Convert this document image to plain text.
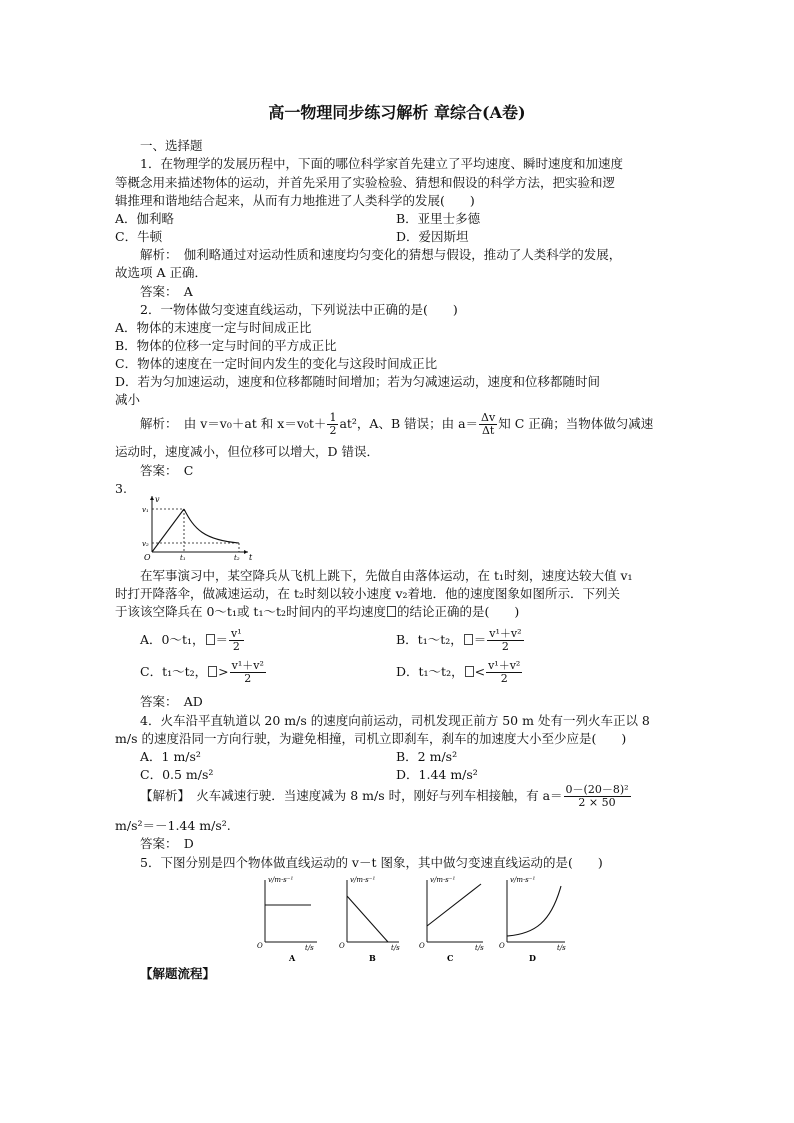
高一物理同步练习解析 章综合(A卷)
一、选择题
1．在物理学的发展历程中，下面的哪位科学家首先建立了平均速度、瞬时速度和加速度
等概念用来描述物体的运动，并首先采用了实验检验、猜想和假设的科学方法，把实验和逻
辑推理和谐地结合起来，从而有力地推进了人类科学的发展(　　)
A．伽利略	B．亚里士多德
C．牛顿	D．爱因斯坦
解析：　伽利略通过对运动性质和速度均匀变化的猜想与假设，推动了人类科学的发展，
故选项 A 正确．
答案：　A
2．一物体做匀变速直线运动，下列说法中正确的是(　　)
A．物体的末速度一定与时间成正比
B．物体的位移一定与时间的平方成正比
C．物体的速度在一定时间内发生的变化与这段时间成正比
D．若为匀加速运动，速度和位移都随时间增加；若为匀减速运动，速度和位移都随时间
减小
解析：　由 v＝v₀＋at 和 $x=v_0t+ \frac{1}{2} at^2$，A、B 错误；由 $a= \frac{\Delta v}{\Delta t}$ 知 C 正确；当物体做匀减速
运动时，速度减小，但位移可以增大，D 错误．
答案：　C
3.
v
t
O
v₁
v₂
t₁	t₂
在军事演习中，某空降兵从飞机上跳下，先做自由落体运动，在 t₁时刻，速度达较大值 v₁
时打开降落伞，做减速运动，在 t₂时刻以较小速度 v₂着地．他的速度图象如图所示．下列关
于该该空降兵在 0～t₁或 t₁～t₂时间内的平均速度 的结论正确的是(　　)
A．0～t₁， ＝ $\frac{\text{v¹}}{2}$	B．t₁～t₂， ＝ $\frac{\text{v¹＋v²}}{2}$
C．t₁～t₂， > $\frac{\text{v¹＋v²}}{2}$	D．t₁～t₂， < $\frac{\text{v¹＋v²}}{2}$
答案：　AD
4．火车沿平直轨道以 20 m/s 的速度向前运动，司机发现正前方 50 m 处有一列火车正以 8
m/s 的速度沿同一方向行驶，为避免相撞，司机立即刹车，刹车的加速度大小至少应是(　　)
A．1 m/s²	B．2 m/s²
C．0.5 m/s²	D．1.44 m/s²
【解析】　火车减速行驶．当速度减为 8 m/s 时，刚好与列车相接触，有 $a= \frac{\text{0－(20－8)²}}{2 \times 50}$
m/s²＝－1.44 m/s².
答案：　D
5．下图分别是四个物体做直线运动的 v－t 图象，其中做匀变速直线运动的是(　　)
v/m·s⁻¹
t/s
O
A
v/m·s⁻¹
t/s
O
B
v/m·s⁻¹
t/s
O
C
v/m·s⁻¹
t/s
O
D
【解题流程】
